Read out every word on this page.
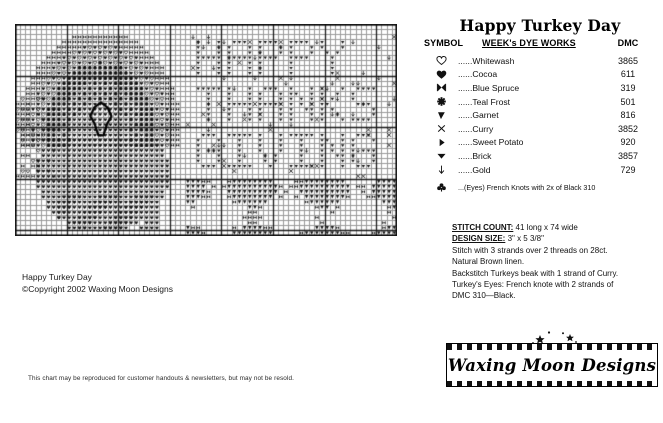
Happy Turkey Day
©Copyright 2002 Waxing Moon Designs
This chart may be reproduced for customer handouts & newsletters, but may not be resold.
Happy Turkey Day
SYMBOL	WEEK's DYE WORKS	DMC
......Whitewash	3865
......Cocoa	611
......Blue Spruce	319
......Teal Frost	501
......Garnet	816
......Curry	3852
......Sweet Potato	920
......Brick	3857
......Gold	729
...(Eyes) French Knots with 2x of Black 310
STITCH COUNT: 41 long x 74 wide
DESIGN SIZE: 3" x 5 3/8"
Stitch with 3 strands over 2 threads on 28ct.
Natural Brown linen.
Backstitch Turkeys beak with 1 strand of Curry.
Turkey's Eyes: French knote with 2 strands of
DMC 310—Black.
Waxing Moon Designs
